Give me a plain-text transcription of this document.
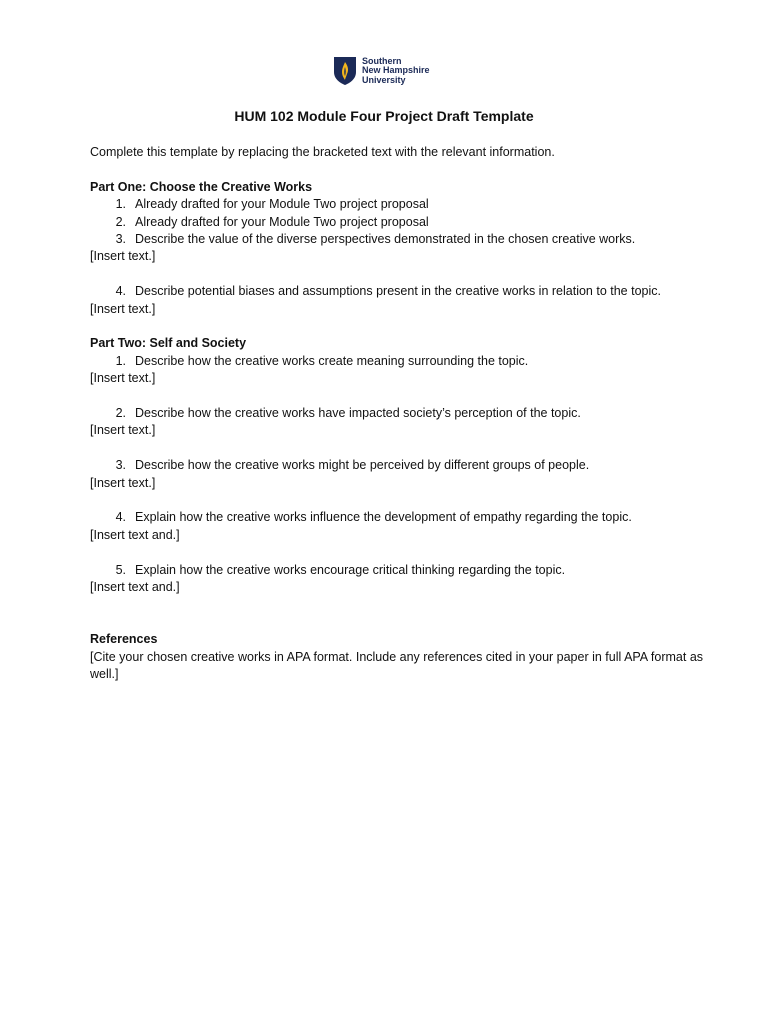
Southern
New Hampshire
University
HUM 102 Module Four Project Draft Template

Complete this template by replacing the bracketed text with the relevant information.

Part One: Choose the Creative Works

1. Already drafted for your Module Two project proposal
2. Already drafted for your Module Two project proposal
3. Describe the value of the diverse perspectives demonstrated in the chosen creative works.

[Insert text.]

4. Describe potential biases and assumptions present in the creative works in relation to the topic.

[Insert text.]

Part Two: Self and Society

1. Describe how the creative works create meaning surrounding the topic.

[Insert text.]

2. Describe how the creative works have impacted society’s perception of the topic.

[Insert text.]

3. Describe how the creative works might be perceived by different groups of people.

[Insert text.]

4. Explain how the creative works influence the development of empathy regarding the topic.

[Insert text and.]

5. Explain how the creative works encourage critical thinking regarding the topic.

[Insert text and.]

References

[Cite your chosen creative works in APA format. Include any references cited in your paper in full APA format as well.]
